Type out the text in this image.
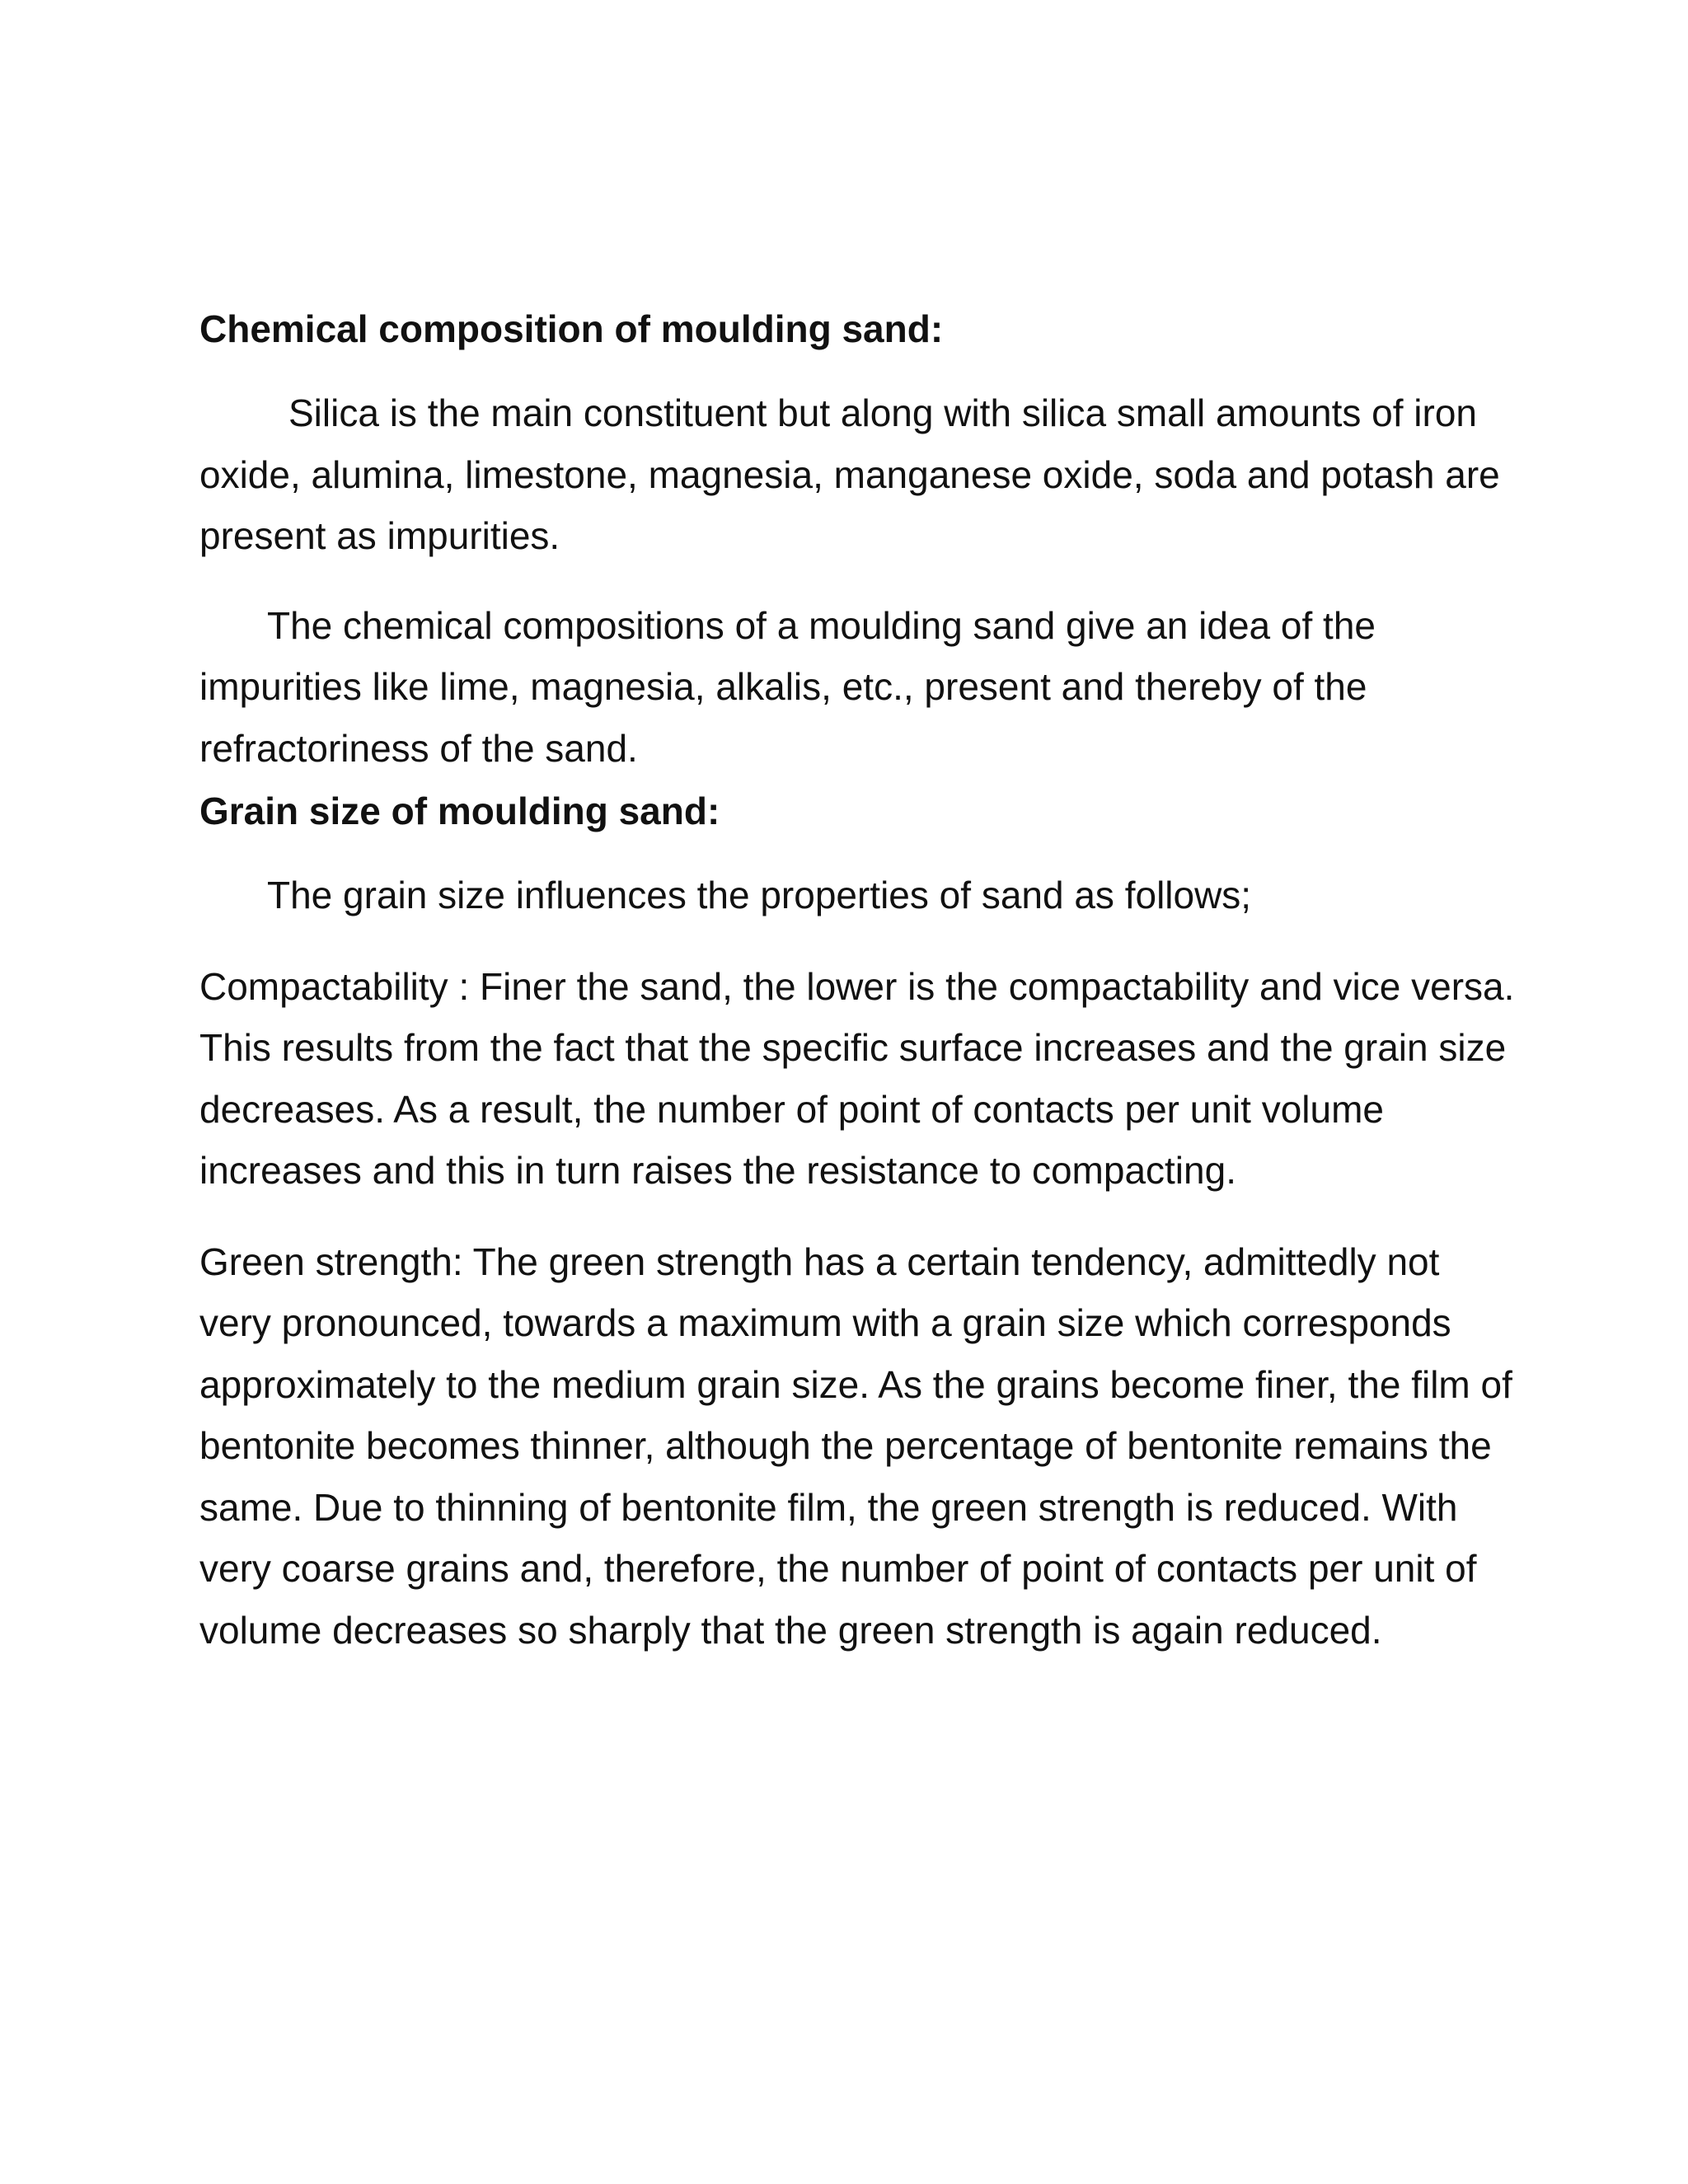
Chemical composition of moulding sand:

Silica is the main constituent but along with silica small amounts of iron oxide, alumina, limestone, magnesia, manganese oxide, soda and potash are present as impurities.

The chemical compositions of a moulding sand give an idea of the impurities like lime, magnesia, alkalis, etc., present and thereby of the refractoriness of the sand.

Grain size of moulding sand:

The grain size influences the properties of sand as follows;

Compactability : Finer the sand, the lower is the compactability and vice versa. This results from the fact that the specific surface increases and the grain size decreases. As a result, the number of point of contacts per unit volume increases and this in turn raises the resistance to compacting.

Green strength: The green strength has a certain tendency, admittedly not very pronounced, towards a maximum with a grain size which corresponds approximately to the medium grain size. As the grains become finer, the film of bentonite becomes thinner, although the percentage of bentonite remains the same. Due to thinning of bentonite film, the green strength is reduced. With very coarse grains and, therefore, the number of point of contacts per unit of volume decreases so sharply that the green strength is again reduced.
